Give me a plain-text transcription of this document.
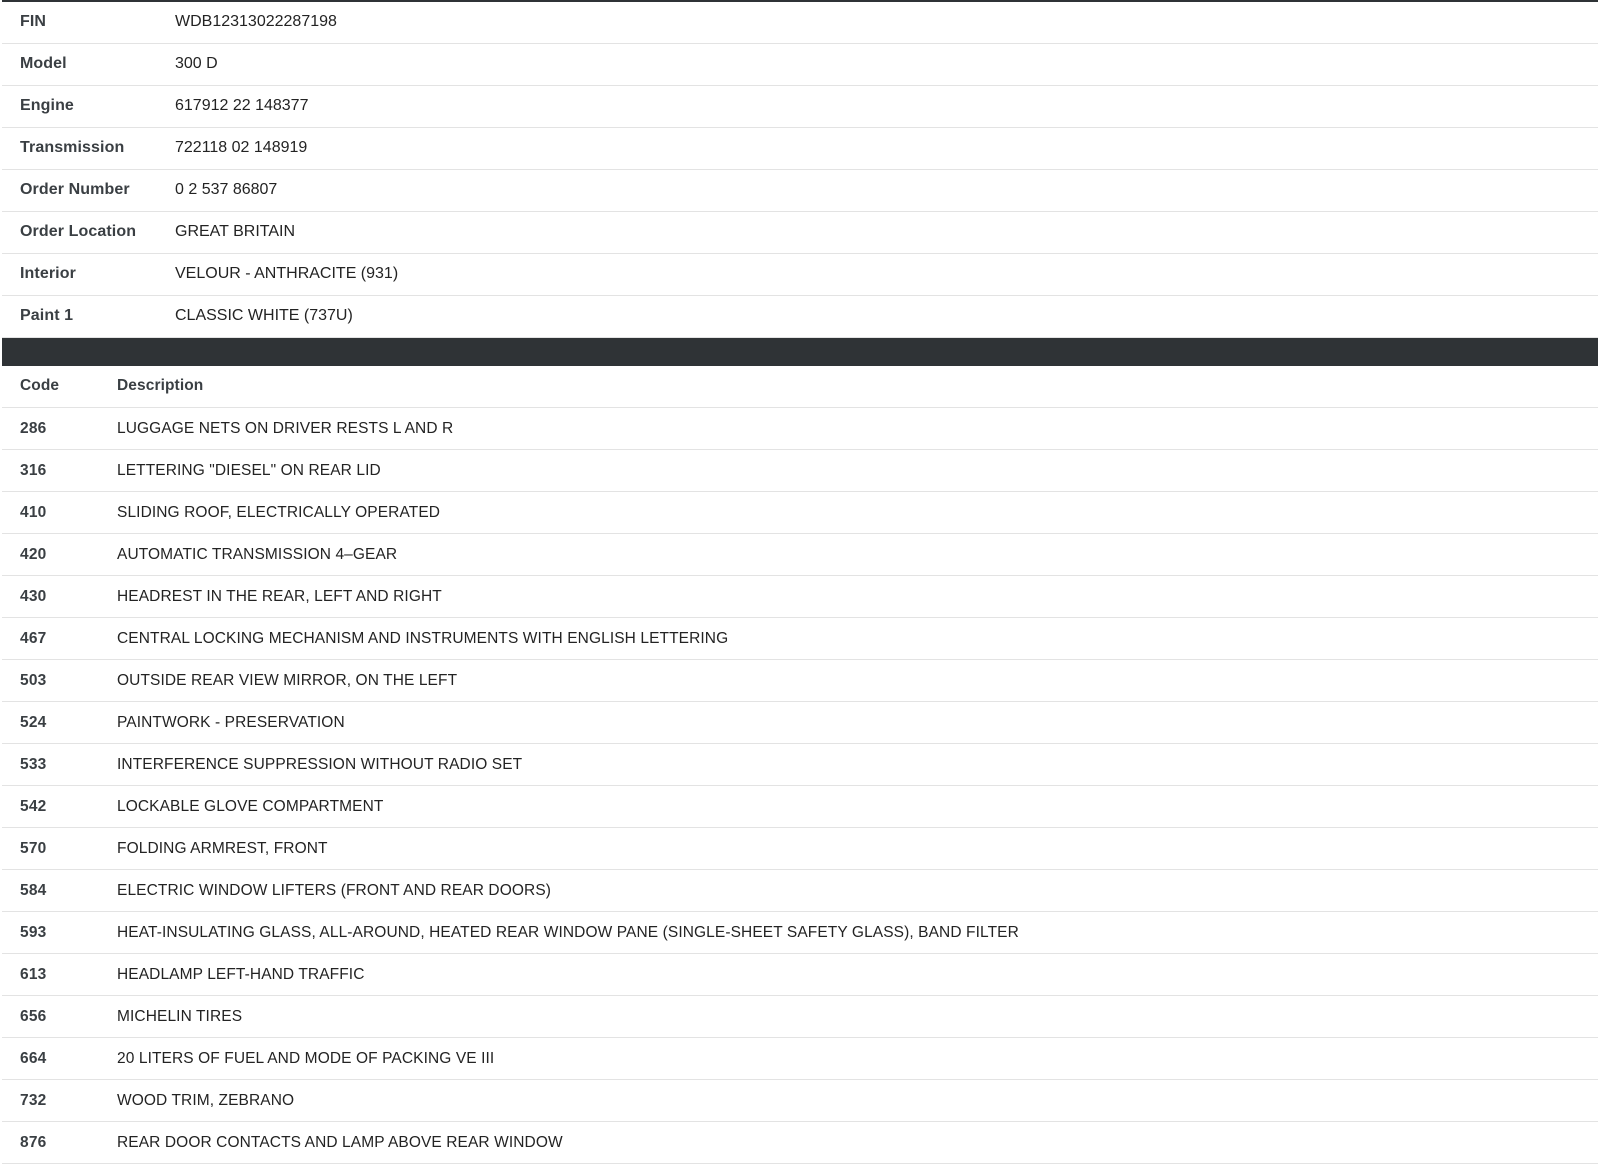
FIN	WDB12313022287198
Model	300 D
Engine	617912 22 148377
Transmission	722118 02 148919
Order Number	0 2 537 86807
Order Location	GREAT BRITAIN
Interior	VELOUR - ANTHRACITE (931)
Paint 1	CLASSIC WHITE (737U)
Code	Description
286	LUGGAGE NETS ON DRIVER RESTS L AND R
316	LETTERING "DIESEL" ON REAR LID
410	SLIDING ROOF, ELECTRICALLY OPERATED
420	AUTOMATIC TRANSMISSION 4–GEAR
430	HEADREST IN THE REAR, LEFT AND RIGHT
467	CENTRAL LOCKING MECHANISM AND INSTRUMENTS WITH ENGLISH LETTERING
503	OUTSIDE REAR VIEW MIRROR, ON THE LEFT
524	PAINTWORK - PRESERVATION
533	INTERFERENCE SUPPRESSION WITHOUT RADIO SET
542	LOCKABLE GLOVE COMPARTMENT
570	FOLDING ARMREST, FRONT
584	ELECTRIC WINDOW LIFTERS (FRONT AND REAR DOORS)
593	HEAT-INSULATING GLASS, ALL-AROUND, HEATED REAR WINDOW PANE (SINGLE-SHEET SAFETY GLASS), BAND FILTER
613	HEADLAMP LEFT-HAND TRAFFIC
656	MICHELIN TIRES
664	20 LITERS OF FUEL AND MODE OF PACKING VE III
732	WOOD TRIM, ZEBRANO
876	REAR DOOR CONTACTS AND LAMP ABOVE REAR WINDOW
